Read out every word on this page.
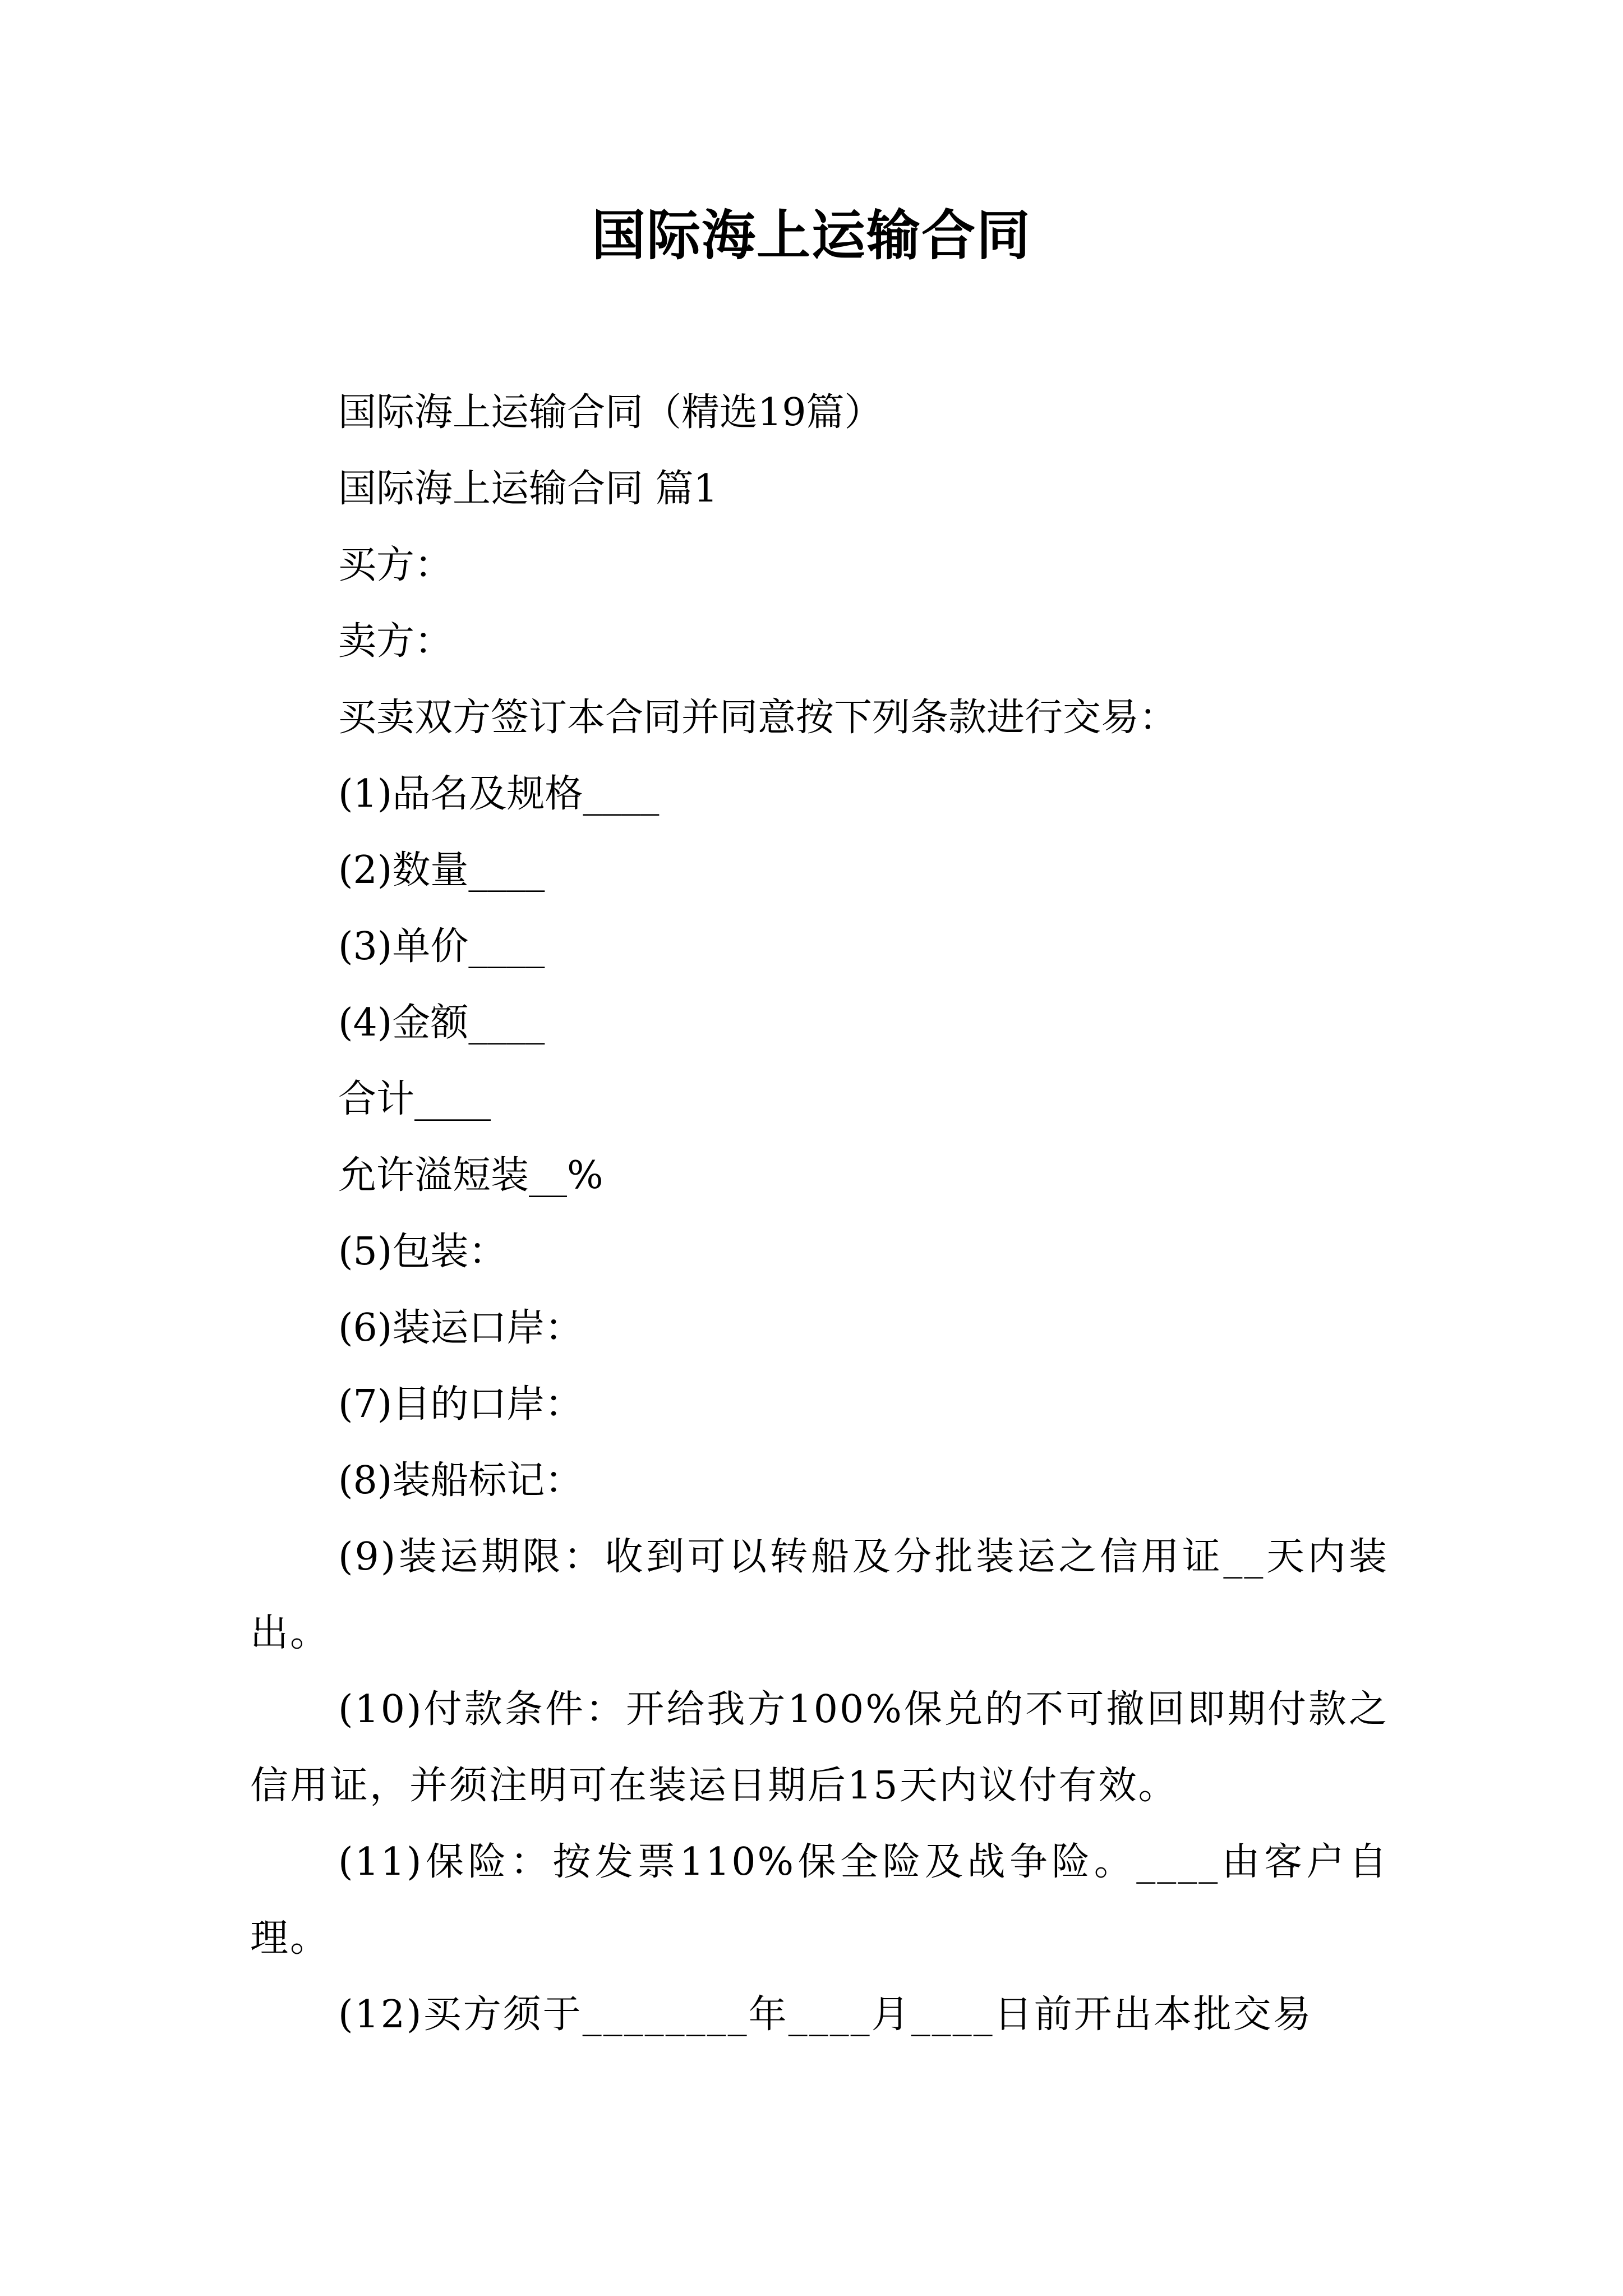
国际海上运输合同
国际海上运输合同（精选19篇）
国际海上运输合同 篇1
买方：
卖方：
买卖双方签订本合同并同意按下列条款进行交易：
(1)品名及规格____
(2)数量____
(3)单价____
(4)金额____
合计____
允许溢短装__%
(5)包装：
(6)装运口岸：
(7)目的口岸：
(8)装船标记：
(9)装运期限：收到可以转船及分批装运之信用证__天内装出。
(10)付款条件：开给我方100%保兑的不可撤回即期付款之信用证，并须注明可在装运日期后15天内议付有效。
(11)保险：按发票110%保全险及战争险。____由客户自理。
(12)买方须于________年____月____日前开出本批交易
